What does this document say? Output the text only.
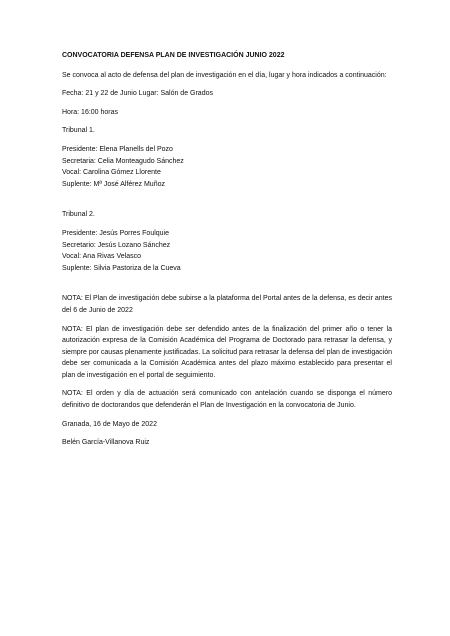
CONVOCATORIA DEFENSA PLAN DE INVESTIGACIÓN JUNIO 2022

Se convoca al acto de defensa del plan de investigación en el día, lugar y hora indicados a continuación:

Fecha: 21 y 22 de Junio Lugar: Salón de Grados

Hora: 16:00 horas

Tribunal 1.

Presidente: Elena Planells del Pozo

Secretaria: Celia Monteagudo Sánchez

Vocal: Carolina Gómez Llorente

Suplente: Mª José Alférez Muñoz

Tribunal 2.

Presidente: Jesús Porres Foulquie

Secretario: Jesús Lozano Sánchez

Vocal: Ana Rivas Velasco

Suplente: Silvia Pastoriza de la Cueva

NOTA: El Plan de investigación debe subirse a la plataforma del Portal antes de la defensa, es decir antes del 6 de Junio de 2022

NOTA: El plan de investigación debe ser defendido antes de la finalización del primer año o tener la autorización expresa de la Comisión Académica del Programa de Doctorado para retrasar la defensa, y siempre por causas plenamente justificadas. La solicitud para retrasar la defensa del plan de investigación debe ser comunicada a la Comisión Académica antes del plazo máximo establecido para presentar el plan de investigación en el portal de seguimiento.

NOTA: El orden y día de actuación será comunicado con antelación cuando se disponga el número definitivo de doctorandos que defenderán el Plan de Investigación en la convocatoria de Junio.

Granada, 16 de Mayo de 2022

Belén García-Villanova Ruiz
